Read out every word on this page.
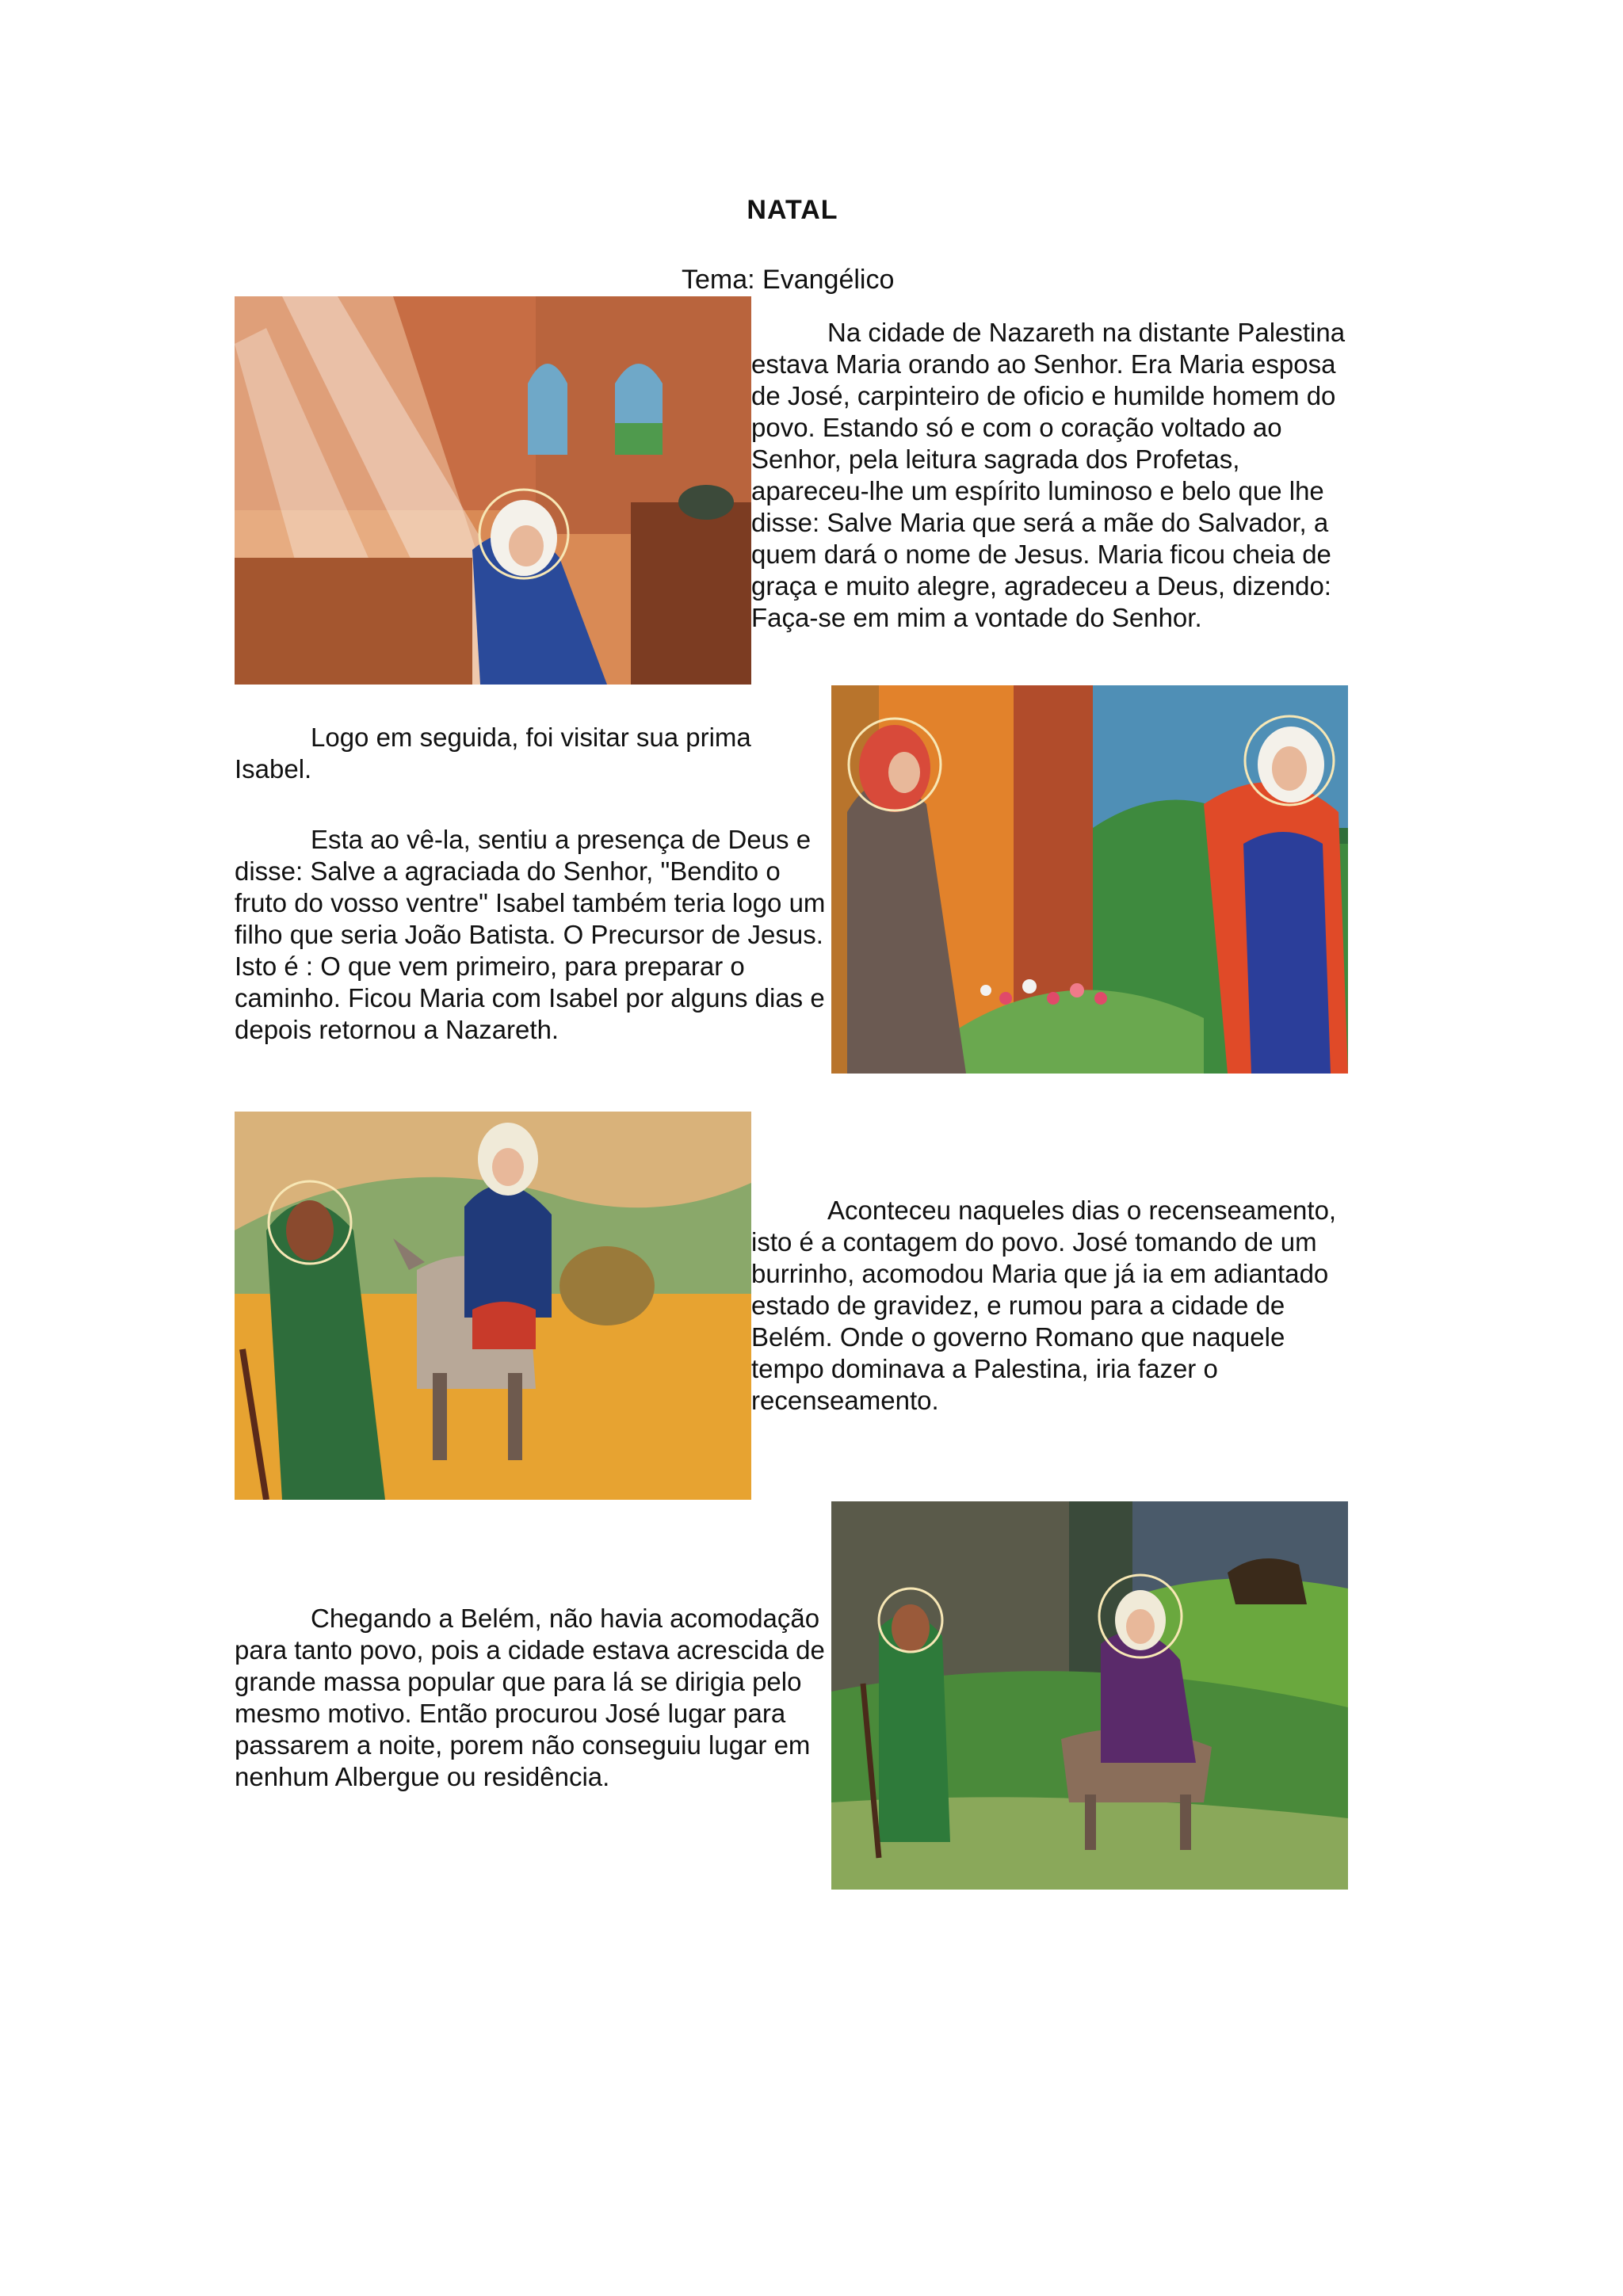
NATAL
Tema: Evangélico

Na cidade de Nazareth na distante Palestina estava Maria orando ao Senhor. Era Maria esposa de José, carpinteiro de oficio e humilde homem do povo. Estando só e com o coração voltado ao Senhor, pela leitura sagrada dos Profetas, apareceu-lhe um espírito luminoso e belo que lhe disse: Salve Maria que será a mãe do Salvador, a quem dará o nome de Jesus. Maria ficou cheia de graça e muito alegre, agradeceu a Deus, dizendo: Faça-se em mim a vontade do Senhor.

Logo em seguida, foi visitar sua prima Isabel.

Esta ao vê-la, sentiu a presença de Deus e disse: Salve a agraciada do Senhor, "Bendito o fruto do vosso ventre" Isabel também teria logo um filho que seria João Batista. O Precursor de Jesus. Isto é : O que vem primeiro, para preparar o caminho. Ficou Maria com Isabel por alguns dias e depois retornou a Nazareth.

Aconteceu naqueles dias o recenseamento, isto é a contagem do povo. José tomando de um burrinho, acomodou Maria que já ia em adiantado estado de gravidez, e rumou para a cidade de Belém. Onde o governo Romano que naquele tempo dominava a Palestina, iria fazer o recenseamento.

Chegando a Belém, não havia acomodação para tanto povo, pois a cidade estava acrescida de grande massa popular que para lá se dirigia pelo mesmo motivo. Então procurou José lugar para passarem a noite, porem não conseguiu lugar em nenhum Albergue ou residência.
